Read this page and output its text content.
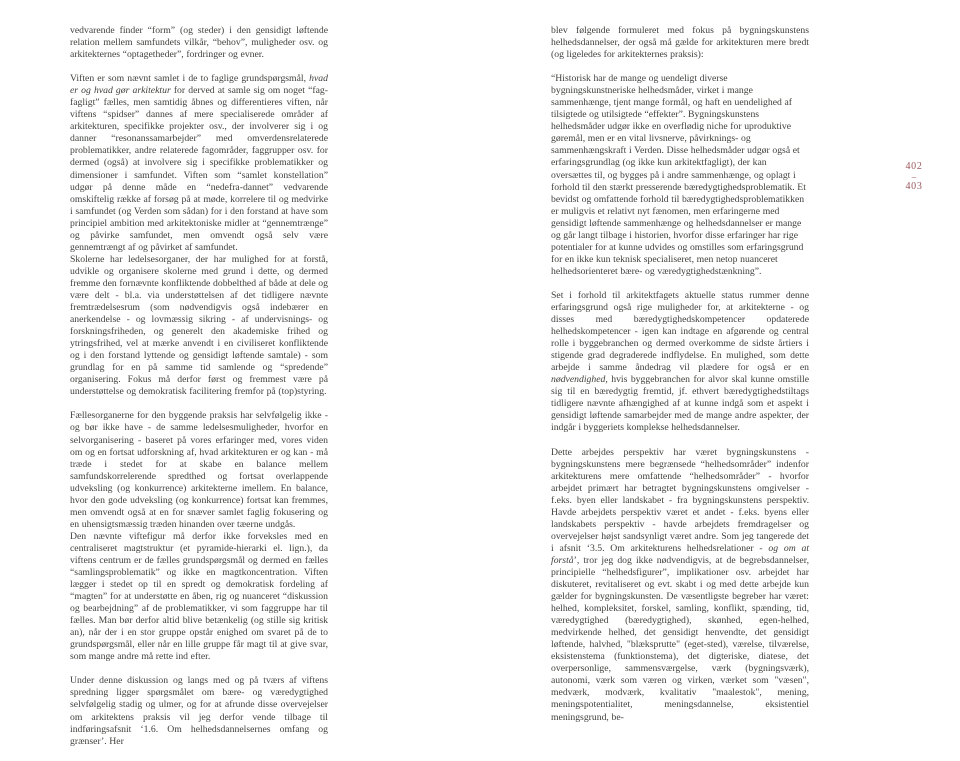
vedvarende finder “form” (og steder) i den gensidigt løftende relation mellem samfundets vilkår, “behov”, muligheder osv. og arkitekternes “optagetheder”, fordringer og evner.

Viften er som nævnt samlet i de to faglige grundspørgsmål, hvad er og hvad gør arkitektur for derved at samle sig om noget “fag-fagligt” fælles, men samtidig åbnes og differentieres viften, når viftens “spidser” dannes af mere specialiserede områder af arkitekturen, specifikke projekter osv., der involverer sig i og danner “resonanssamarbejder” med omverdensrelaterede problematikker, andre relaterede fagområder, faggrupper osv. for dermed (også) at involvere sig i specifikke problematikker og dimensioner i samfundet. Viften som “samlet konstellation” udgør på denne måde en “nedefra-dannet” vedvarende omskiftelig række af forsøg på at møde, korrelere til og medvirke i samfundet (og Verden som sådan) for i den forstand at have som principiel ambition med arkitektoniske midler at “gennemtrænge” og påvirke samfundet, men omvendt også selv være gennemtrængt af og påvirket af samfundet.

Skolerne har ledelsesorganer, der har mulighed for at forstå, udvikle og organisere skolerne med grund i dette, og dermed fremme den fornævnte konfliktende dobbelthed af både at dele og være delt - bl.a. via understøttelsen af det tidligere nævnte fremtrædelsesrum (som nødvendigvis også indebærer en anerkendelse - og lovmæssig sikring - af undervisnings- og forskningsfriheden, og generelt den akademiske frihed og ytringsfrihed, vel at mærke anvendt i en civiliseret konfliktende og i den forstand lyttende og gensidigt løftende samtale) - som grundlag for en på samme tid samlende og “spredende” organisering. Fokus må derfor først og fremmest være på understøttelse og demokratisk facilitering fremfor på (top)styring.

Fællesorganerne for den byggende praksis har selvfølgelig ikke - og bør ikke have - de samme ledelsesmuligheder, hvorfor en selvorganisering - baseret på vores erfaringer med, vores viden om og en fortsat udforskning af, hvad arkitekturen er og kan - må træde i stedet for at skabe en balance mellem samfundskorrelerende spredthed og fortsat overlappende udveksling (og konkurrence) arkitekterne imellem. En balance, hvor den gode udveksling (og konkurrence) fortsat kan fremmes, men omvendt også at en for snæver samlet faglig fokusering og en uhensigtsmæssig træden hinanden over tæerne undgås.

Den nævnte viftefigur må derfor ikke forveksles med en centraliseret magtstruktur (et pyramide-hierarki el. lign.), da viftens centrum er de fælles grundspørgsmål og dermed en fælles “samlingsproblematik” og ikke en magtkoncentration. Viften lægger i stedet op til en spredt og demokratisk fordeling af “magten” for at understøtte en åben, rig og nuanceret “diskussion og bearbejdning” af de problematikker, vi som faggruppe har til fælles. Man bør derfor altid blive betænkelig (og stille sig kritisk an), når der i en stor gruppe opstår enighed om svaret på de to grundspørgsmål, eller når en lille gruppe får magt til at give svar, som mange andre må rette ind efter.

Under denne diskussion og langs med og på tværs af viftens spredning ligger spørgsmålet om bære- og væredygtighed selvfølgelig stadig og ulmer, og for at afrunde disse overvejelser om arkitektens praksis vil jeg derfor vende tilbage til indføringsafsnit ‘1.6. Om helhedsdannelsernes omfang og grænser’. Her

blev følgende formuleret med fokus på bygningskunstens helhedsdannelser, der også må gælde for arkitekturen mere bredt (og ligeledes for arkitekternes praksis):

“Historisk har de mange og uendeligt diverse bygningskunstneriske helhedsmåder, virket i mange sammenhænge, tjent mange formål, og haft en uendelighed af tilsigtede og utilsigtede “effekter”. Bygningskunstens helhedsmåder udgør ikke en overflødig niche for uproduktive gøremål, men er en vital livsnerve, påvirknings- og sammenhængskraft i Verden. Disse helhedsmåder udgør også et erfaringsgrundlag (og ikke kun arkitektfagligt), der kan oversættes til, og bygges på i andre sammenhænge, og oplagt i forhold til den stærkt presserende bæredygtighedsproblematik. Et bevidst og omfattende forhold til bæredygtighedsproblematikken er muligvis et relativt nyt fænomen, men erfaringerne med gensidigt løftende sammenhænge og helhedsdannelser er mange og går langt tilbage i historien, hvorfor disse erfaringer har rige potentialer for at kunne udvides og omstilles som erfaringsgrund for en ikke kun teknisk specialiseret, men netop nuanceret helhedsorienteret bære- og væredygtighedstænkning”.

Set i forhold til arkitektfagets aktuelle status rummer denne erfaringsgrund også rige muligheder for, at arkitekterne - og disses med bæredygtighedskompetencer opdaterede helhedskompetencer - igen kan indtage en afgørende og central rolle i byggebranchen og dermed overkomme de sidste årtiers i stigende grad degraderede indflydelse. En mulighed, som dette arbejde i samme åndedrag vil plædere for også er en nødvendighed, hvis byggebranchen for alvor skal kunne omstille sig til en bæredygtig fremtid, jf. ethvert bæredygtighedstiltags tidligere nævnte afhængighed af at kunne indgå som et aspekt i gensidigt løftende samarbejder med de mange andre aspekter, der indgår i byggeriets komplekse helhedsdannelser.

Dette arbejdes perspektiv har været bygningskunstens - bygningskunstens mere begrænsede “helhedsområder” indenfor arkitekturens mere omfattende “helhedsområder” - hvorfor arbejdet primært har betragtet bygningskunstens omgivelser - f.eks. byen eller landskabet - fra bygningskunstens perspektiv. Havde arbejdets perspektiv været et andet - f.eks. byens eller landskabets perspektiv - havde arbejdets fremdragelser og overvejelser højst sandsynligt været andre. Som jeg tangerede det i afsnit ‘3.5. Om arkitekturens helhedsrelationer - og om at forstå’, tror jeg dog ikke nødvendigvis, at de begrebsdannelser, principielle “helhedsfigurer”, implikationer osv. arbejdet har diskuteret, revitaliseret og evt. skabt i og med dette arbejde kun gælder for bygningskunsten. De væsentligste begreber har været: helhed, kompleksitet, forskel, samling, konflikt, spænding, tid, væredygtighed (bæredygtighed), skønhed, egen-helhed, medvirkende helhed, det gensidigt henvendte, det gensidigt løftende, halvhed, "blæksprutte" (eget-sted), værelse, tilværelse, eksistenstema (funktionstema), det digteriske, diatese, det overpersonlige, sammensværgelse, værk (bygningsværk), autonomi, værk som væren og virken, værket som "væsen", medværk, modværk, kvalitativ "maalestok", mening, meningspotentialitet, meningsdannelse, eksistentiel meningsgrund, be-

402
–
403
